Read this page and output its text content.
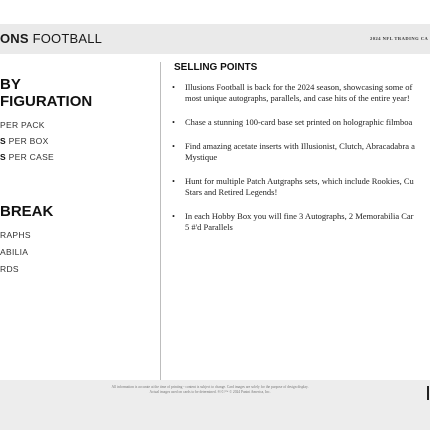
ONS FOOTBALL	2024 NFL TRADING CA
BY
FIGURATION
PER PACK
S PER BOX
S PER CASE
BREAK
RAPHS
ABILIA
RDS
SELLING POINTS
• Illusions Football is back for the 2024 season, showcasing some of
most unique autographs, parallels, and case hits of the entire year!
• Chase a stunning 100-card base set printed on holographic filmboa
• Find amazing acetate inserts with Illusionist, Clutch, Abracadabra a
Mystique
• Hunt for multiple Patch Autgraphs sets, which include Rookies, Cu
Stars and Retired Legends!
• In each Hobby Box you will fine 3 Autographs, 2 Memorabilia Car
5 #'d Parallels
All information is accurate at the time of printing - content is subject to change. Card images are solely for the purpose of design display.
Actual images used on cards to be determined. ®/©/™ © 2024 Panini America, Inc.
